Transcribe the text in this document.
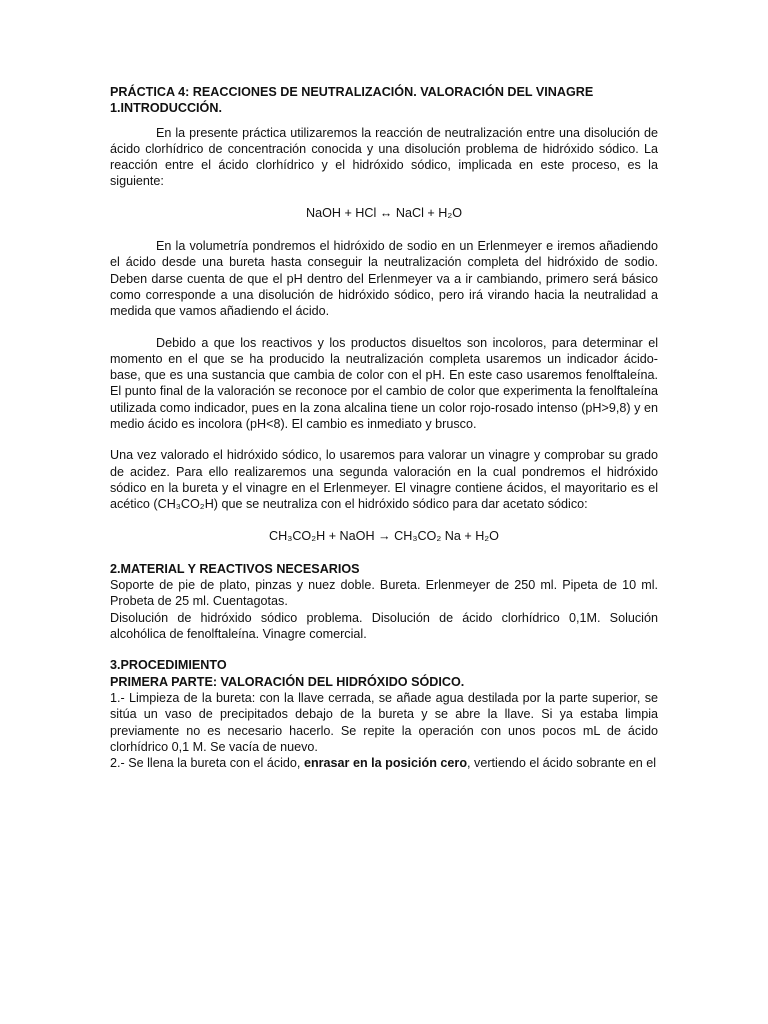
PRÁCTICA 4: REACCIONES DE NEUTRALIZACIÓN. VALORACIÓN DEL VINAGRE

1.INTRODUCCIÓN.

En la presente práctica utilizaremos la reacción de neutralización entre una disolución de ácido clorhídrico de concentración conocida y una disolución problema de hidróxido sódico. La reacción entre el ácido clorhídrico y el hidróxido sódico, implicada en este proceso, es la siguiente:

NaOH + HCl ↔ NaCl + H₂O

En la volumetría pondremos el hidróxido de sodio en un Erlenmeyer e iremos añadiendo el ácido desde una bureta hasta conseguir la neutralización completa del hidróxido de sodio. Deben darse cuenta de que el pH dentro del Erlenmeyer va a ir cambiando, primero será básico como corresponde a una disolución de hidróxido sódico, pero irá virando hacia la neutralidad a medida que vamos añadiendo el ácido.

Debido a que los reactivos y los productos disueltos son incoloros, para determinar el momento en el que se ha producido la neutralización completa usaremos un indicador ácido-base, que es una sustancia que cambia de color con el pH. En este caso usaremos fenolftaleína. El punto final de la valoración se reconoce por el cambio de color que experimenta la fenolftaleína utilizada como indicador, pues en la zona alcalina tiene un color rojo-rosado intenso (pH>9,8) y en medio ácido es incolora (pH<8). El cambio es inmediato y brusco.

Una vez valorado el hidróxido sódico, lo usaremos para valorar un vinagre y comprobar su grado de acidez. Para ello realizaremos una segunda valoración en la cual pondremos el hidróxido sódico en la bureta y el vinagre en el Erlenmeyer. El vinagre contiene ácidos, el mayoritario es el acético (CH₃CO₂H) que se neutraliza con el hidróxido sódico para dar acetato sódico:

CH₃CO₂H + NaOH → CH₃CO₂ Na + H₂O

2.MATERIAL Y REACTIVOS NECESARIOS

Soporte de pie de plato, pinzas y nuez doble. Bureta. Erlenmeyer de 250 ml. Pipeta de 10 ml. Probeta de 25 ml. Cuentagotas.

Disolución de hidróxido sódico problema. Disolución de ácido clorhídrico 0,1M. Solución alcohólica de fenolftaleína. Vinagre comercial.

3.PROCEDIMIENTO

PRIMERA PARTE: VALORACIÓN DEL HIDRÓXIDO SÓDICO.

1.- Limpieza de la bureta: con la llave cerrada, se añade agua destilada por la parte superior, se sitúa un vaso de precipitados debajo de la bureta y se abre la llave. Si ya estaba limpia previamente no es necesario hacerlo. Se repite la operación con unos pocos mL de ácido clorhídrico 0,1 M. Se vacía de nuevo.

2.- Se llena la bureta con el ácido, enrasar en la posición cero, vertiendo el ácido sobrante en el
